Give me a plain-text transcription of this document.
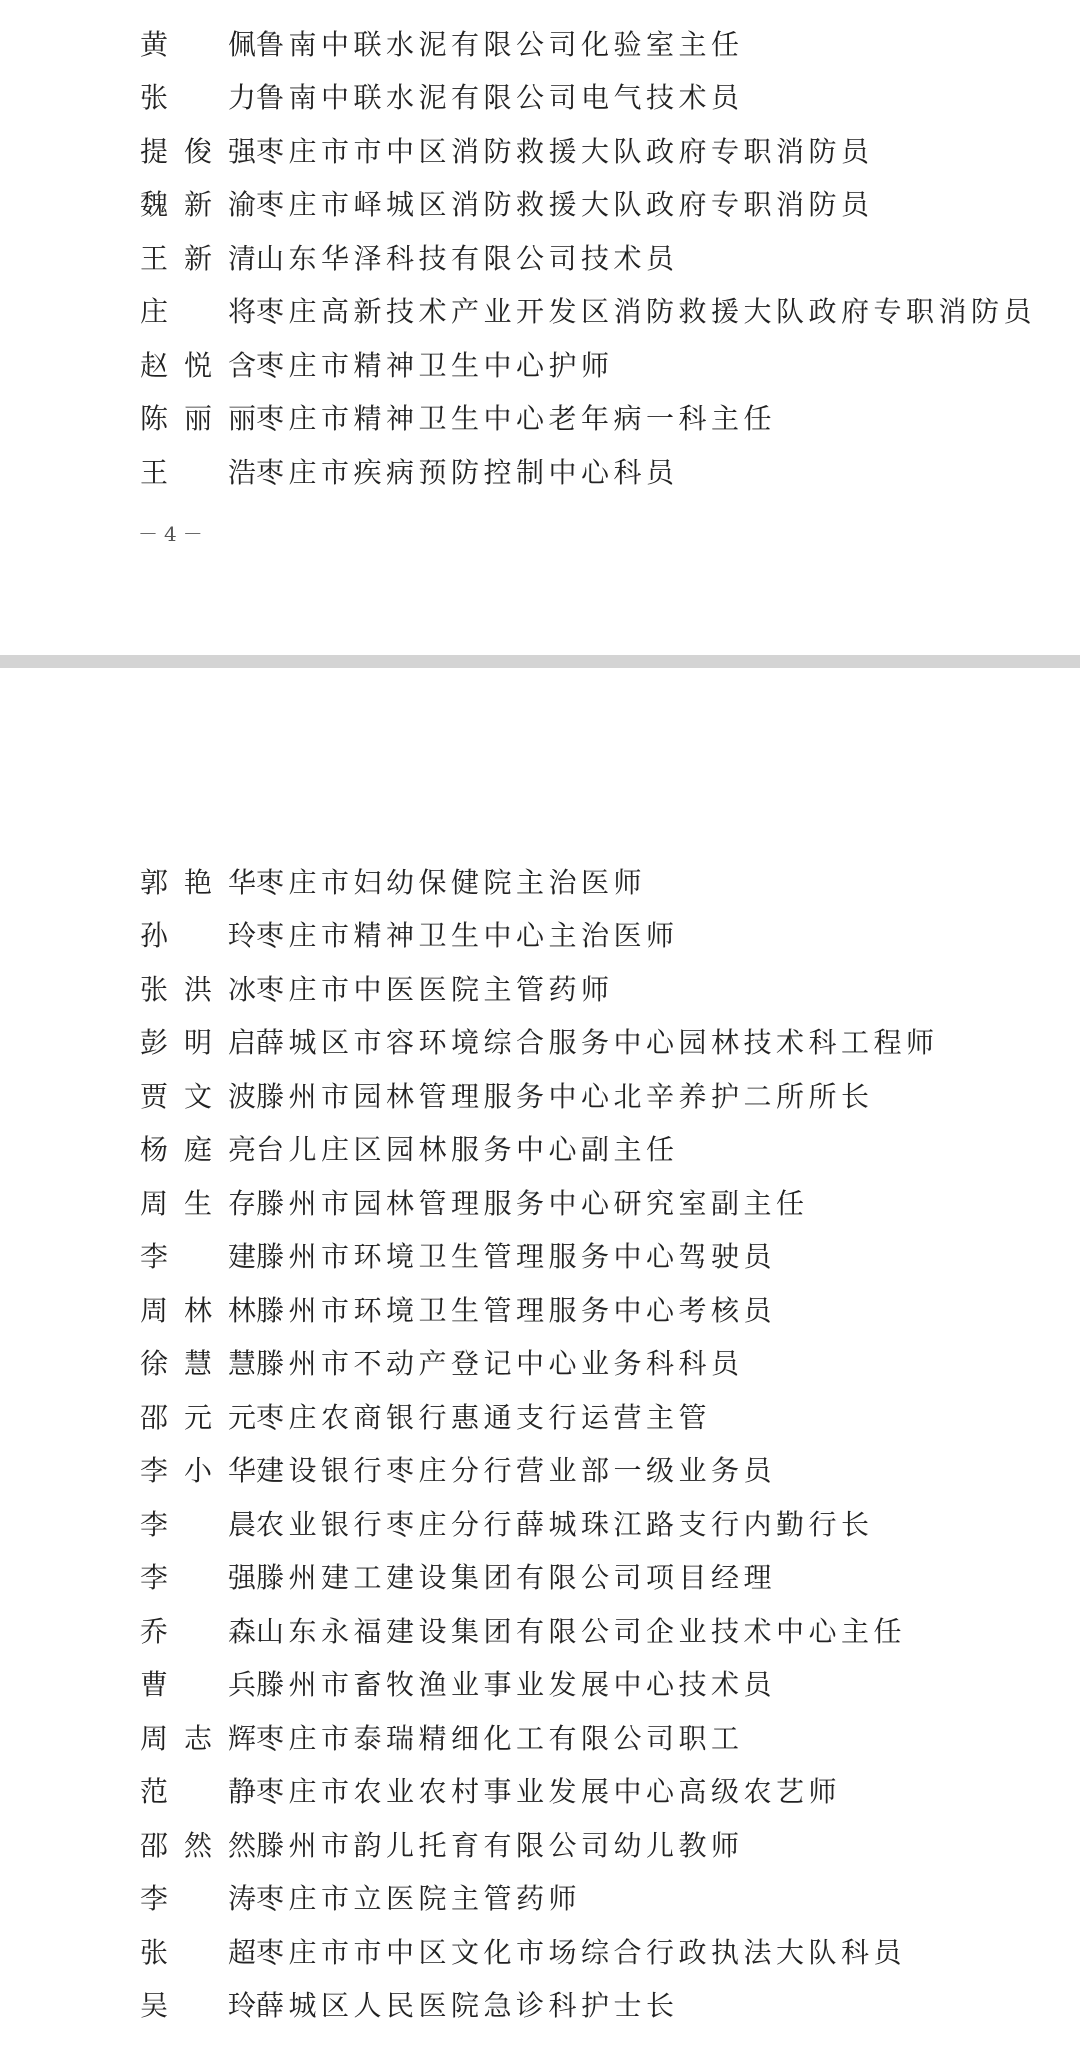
黄　佩 鲁南中联水泥有限公司化验室主任
张　力 鲁南中联水泥有限公司电气技术员
提俊强 枣庄市市中区消防救援大队政府专职消防员
魏新渝 枣庄市峄城区消防救援大队政府专职消防员
王新清 山东华泽科技有限公司技术员
庄　将 枣庄高新技术产业开发区消防救援大队政府专职消防员
赵悦含 枣庄市精神卫生中心护师
陈丽丽 枣庄市精神卫生中心老年病一科主任
王　浩 枣庄市疾病预防控制中心科员
－4－
郭艳华 枣庄市妇幼保健院主治医师
孙　玲 枣庄市精神卫生中心主治医师
张洪冰 枣庄市中医医院主管药师
彭明启 薛城区市容环境综合服务中心园林技术科工程师
贾文波 滕州市园林管理服务中心北辛养护二所所长
杨庭亮 台儿庄区园林服务中心副主任
周生存 滕州市园林管理服务中心研究室副主任
李　建 滕州市环境卫生管理服务中心驾驶员
周林林 滕州市环境卫生管理服务中心考核员
徐慧慧 滕州市不动产登记中心业务科科员
邵元元 枣庄农商银行惠通支行运营主管
李小华 建设银行枣庄分行营业部一级业务员
李　晨 农业银行枣庄分行薛城珠江路支行内勤行长
李　强 滕州建工建设集团有限公司项目经理
乔　森 山东永福建设集团有限公司企业技术中心主任
曹　兵 滕州市畜牧渔业事业发展中心技术员
周志辉 枣庄市泰瑞精细化工有限公司职工
范　静 枣庄市农业农村事业发展中心高级农艺师
邵然然 滕州市韵儿托育有限公司幼儿教师
李　涛 枣庄市立医院主管药师
张　超 枣庄市市中区文化市场综合行政执法大队科员
吴　玲 薛城区人民医院急诊科护士长
